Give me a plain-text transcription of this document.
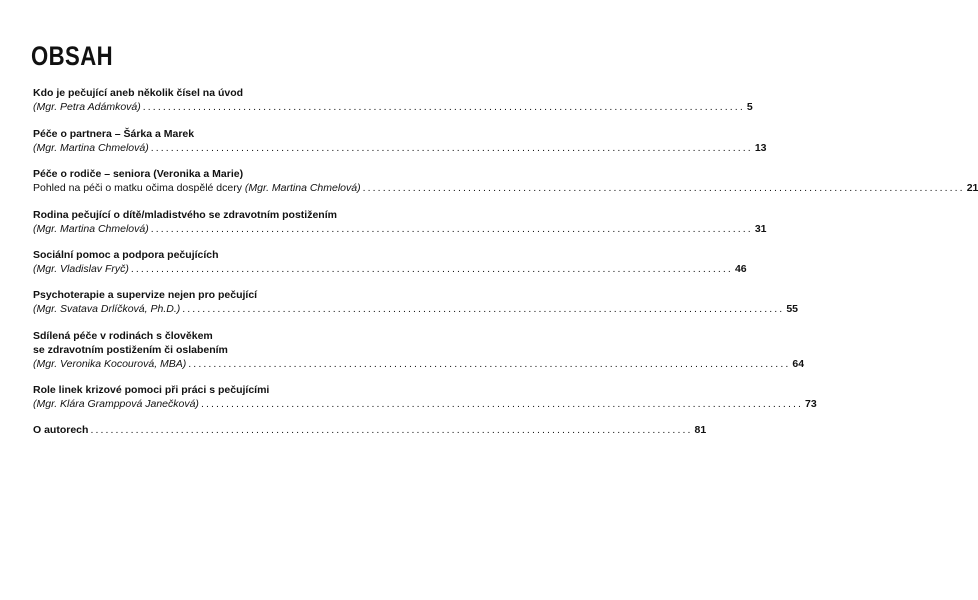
OBSAH
Kdo je pečující aneb několik čísel na úvod
(Mgr. Petra Adámková) ........................................................................................................................ 5
Péče o partnera – Šárka a Marek
(Mgr. Martina Chmelová) ........................................................................................................................ 13
Péče o rodiče – seniora (Veronika a Marie)
Pohled na péči o matku očima dospělé dcery
(Mgr. Martina Chmelová) ........................................................................................................................ 21
Rodina pečující o dítě/mladistvého se zdravotním postižením
(Mgr. Martina Chmelová) ........................................................................................................................ 31
Sociální pomoc a podpora pečujících
(Mgr. Vladislav Fryč) ........................................................................................................................ 46
Psychoterapie a supervize nejen pro pečující
(Mgr. Svatava Drlíčková, Ph.D.) ........................................................................................................................ 55
Sdílená péče v rodinách s člověkem
se zdravotním postižením či oslabením
(Mgr. Veronika Kocourová, MBA) ........................................................................................................................ 64
Role linek krizové pomoci při práci s pečujícími
(Mgr. Klára Gramppová Janečková) ........................................................................................................................ 73
O autorech ........................................................................................................................ 81
